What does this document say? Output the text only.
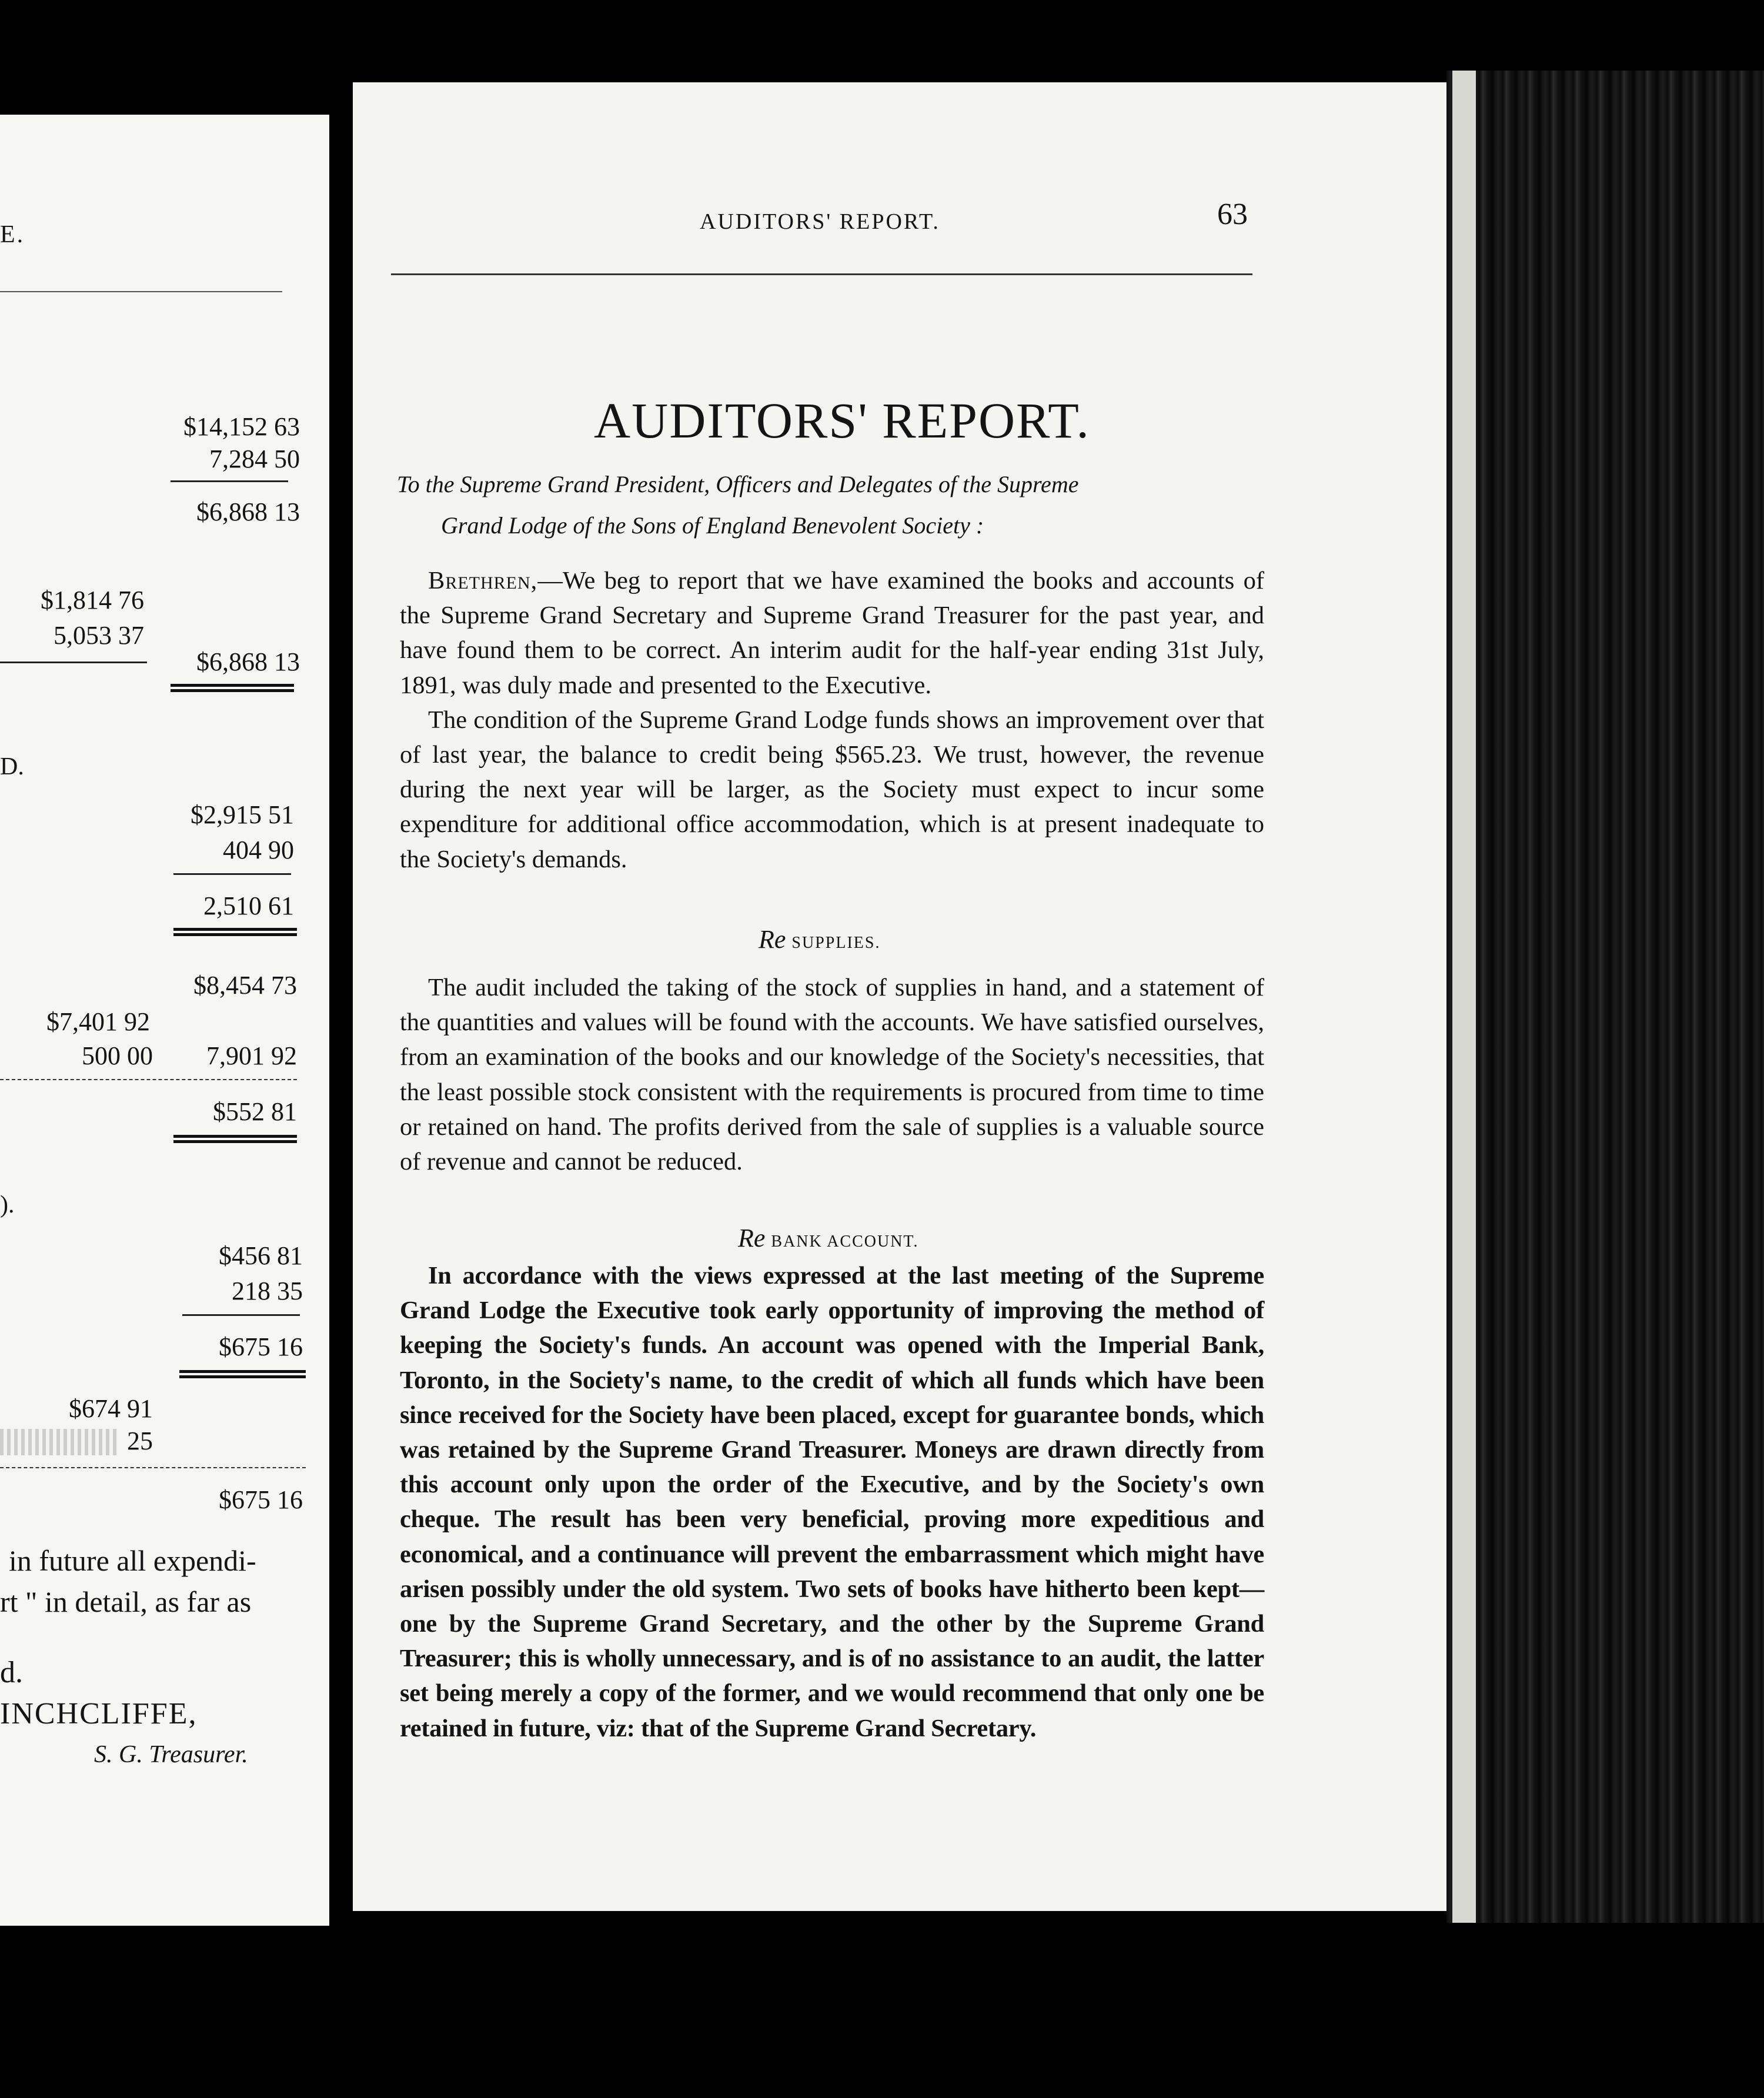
E.
$14,152 63
7,284 50
$6,868 13
$1,814 76
5,053 37
$6,868 13
D.
$2,915 51
404 90
2,510 61
$8,454 73
$7,401 92
500 00 7,901 92
$552 81
).
$456 81
218 35
$675 16
$674 91
25
$675 16
in future all expendi-
rt " in detail, as far as
d.
INCHCLIFFE,
S. G. Treasurer.
AUDITORS' REPORT.	63
AUDITORS' REPORT.
To the Supreme Grand President, Officers and Delegates of the Supreme
Grand Lodge of the Sons of England Benevolent Society :

Brethren,—We beg to report that we have examined the books and accounts of the Supreme Grand Secretary and Supreme Grand Treasurer for the past year, and have found them to be correct. An interim audit for the half-year ending 31st July, 1891, was duly made and presented to the Executive.

The condition of the Supreme Grand Lodge funds shows an improvement over that of last year, the balance to credit being $565.23. We trust, however, the revenue during the next year will be larger, as the Society must expect to incur some expenditure for additional office accommodation, which is at present inadequate to the Society's demands.

Re SUPPLIES.

The audit included the taking of the stock of supplies in hand, and a statement of the quantities and values will be found with the accounts. We have satisfied ourselves, from an examination of the books and our knowledge of the Society's necessities, that the least possible stock consistent with the requirements is procured from time to time or retained on hand. The profits derived from the sale of supplies is a valuable source of revenue and cannot be reduced.

Re BANK ACCOUNT.

In accordance with the views expressed at the last meeting of the Supreme Grand Lodge the Executive took early opportunity of improving the method of keeping the Society's funds. An account was opened with the Imperial Bank, Toronto, in the Society's name, to the credit of which all funds which have been since received for the Society have been placed, except for guarantee bonds, which was retained by the Supreme Grand Treasurer. Moneys are drawn directly from this account only upon the order of the Executive, and by the Society's own cheque. The result has been very beneficial, proving more expeditious and economical, and a continuance will prevent the embarrassment which might have arisen possibly under the old system. Two sets of books have hitherto been kept—one by the Supreme Grand Secretary, and the other by the Supreme Grand Treasurer; this is wholly unnecessary, and is of no assistance to an audit, the latter set being merely a copy of the former, and we would recommend that only one be retained in future, viz: that of the Supreme Grand Secretary.
